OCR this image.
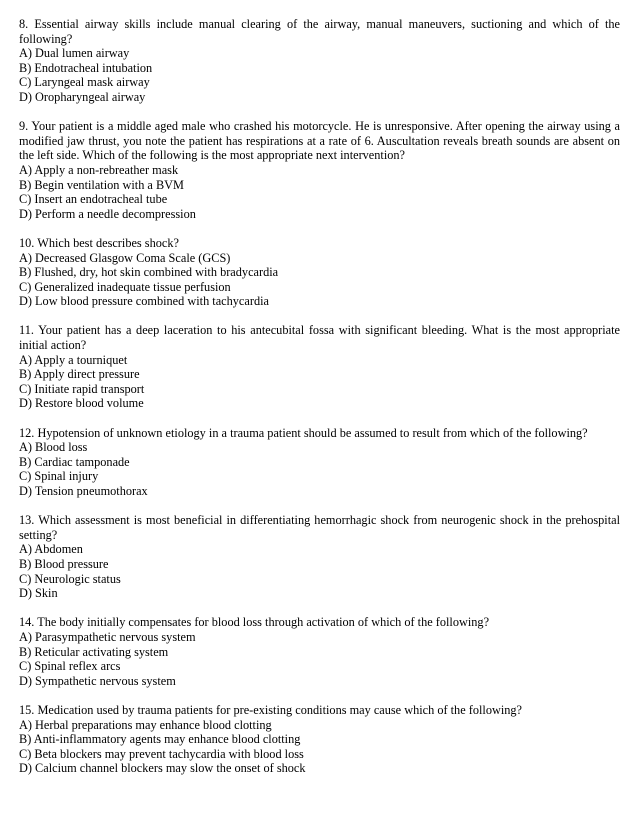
8. Essential airway skills include manual clearing of the airway, manual maneuvers, suctioning and which of the following?

A) Dual lumen airway
B) Endotracheal intubation
C) Laryngeal mask airway
D) Oropharyngeal airway

9. Your patient is a middle aged male who crashed his motorcycle. He is unresponsive. After opening the airway using a modified jaw thrust, you note the patient has respirations at a rate of 6. Auscultation reveals breath sounds are absent on the left side. Which of the following is the most appropriate next intervention?

A) Apply a non-rebreather mask
B) Begin ventilation with a BVM
C) Insert an endotracheal tube
D) Perform a needle decompression

10. Which best describes shock?

A) Decreased Glasgow Coma Scale (GCS)
B) Flushed, dry, hot skin combined with bradycardia
C) Generalized inadequate tissue perfusion
D) Low blood pressure combined with tachycardia

11. Your patient has a deep laceration to his antecubital fossa with significant bleeding. What is the most appropriate initial action?

A) Apply a tourniquet
B) Apply direct pressure
C) Initiate rapid transport
D) Restore blood volume

12. Hypotension of unknown etiology in a trauma patient should be assumed to result from which of the following?

A) Blood loss
B) Cardiac tamponade
C) Spinal injury
D) Tension pneumothorax

13. Which assessment is most beneficial in differentiating hemorrhagic shock from neurogenic shock in the prehospital setting?

A) Abdomen
B) Blood pressure
C) Neurologic status
D) Skin

14. The body initially compensates for blood loss through activation of which of the following?

A) Parasympathetic nervous system
B) Reticular activating system
C) Spinal reflex arcs
D) Sympathetic nervous system

15. Medication used by trauma patients for pre-existing conditions may cause which of the following?

A) Herbal preparations may enhance blood clotting
B) Anti-inflammatory agents may enhance blood clotting
C) Beta blockers may prevent tachycardia with blood loss
D) Calcium channel blockers may slow the onset of shock
